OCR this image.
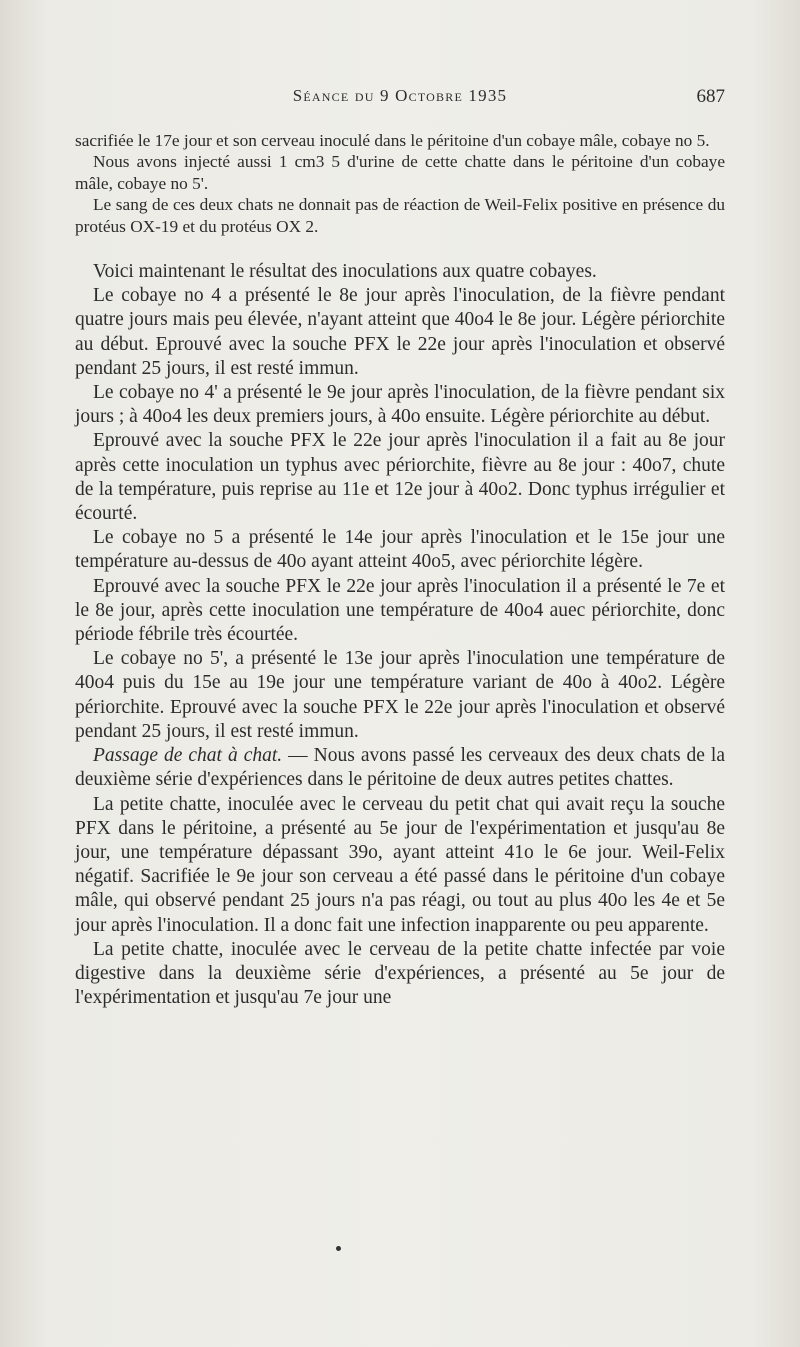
Séance du 9 Octobre 1935	687

sacrifiée le 17e jour et son cerveau inoculé dans le péritoine d'un cobaye mâle, cobaye no 5.

Nous avons injecté aussi 1 cm3 5 d'urine de cette chatte dans le péritoine d'un cobaye mâle, cobaye no 5'.

Le sang de ces deux chats ne donnait pas de réaction de Weil-Felix positive en présence du protéus OX-19 et du protéus OX 2.

Voici maintenant le résultat des inoculations aux quatre cobayes.

Le cobaye no 4 a présenté le 8e jour après l'inoculation, de la fièvre pendant quatre jours mais peu élevée, n'ayant atteint que 40o4 le 8e jour. Légère périorchite au début. Eprouvé avec la souche PFX le 22e jour après l'inoculation et observé pendant 25 jours, il est resté immun.

Le cobaye no 4' a présenté le 9e jour après l'inoculation, de la fièvre pendant six jours ; à 40o4 les deux premiers jours, à 40o ensuite. Légère périorchite au début.

Eprouvé avec la souche PFX le 22e jour après l'inoculation il a fait au 8e jour après cette inoculation un typhus avec périorchite, fièvre au 8e jour : 40o7, chute de la température, puis reprise au 11e et 12e jour à 40o2. Donc typhus irrégulier et écourté.

Le cobaye no 5 a présenté le 14e jour après l'inoculation et le 15e jour une température au-dessus de 40o ayant atteint 40o5, avec périorchite légère.

Eprouvé avec la souche PFX le 22e jour après l'inoculation il a présenté le 7e et le 8e jour, après cette inoculation une température de 40o4 auec périorchite, donc période fébrile très écourtée.

Le cobaye no 5', a présenté le 13e jour après l'inoculation une température de 40o4 puis du 15e au 19e jour une température variant de 40o à 40o2. Légère périorchite. Eprouvé avec la souche PFX le 22e jour après l'inoculation et observé pendant 25 jours, il est resté immun.

Passage de chat à chat. — Nous avons passé les cerveaux des deux chats de la deuxième série d'expériences dans le péritoine de deux autres petites chattes.

La petite chatte, inoculée avec le cerveau du petit chat qui avait reçu la souche PFX dans le péritoine, a présenté au 5e jour de l'expérimentation et jusqu'au 8e jour, une température dépassant 39o, ayant atteint 41o le 6e jour. Weil-Felix négatif. Sacrifiée le 9e jour son cerveau a été passé dans le péritoine d'un cobaye mâle, qui observé pendant 25 jours n'a pas réagi, ou tout au plus 40o les 4e et 5e jour après l'inoculation. Il a donc fait une infection inapparente ou peu apparente.

La petite chatte, inoculée avec le cerveau de la petite chatte infectée par voie digestive dans la deuxième série d'expériences, a présenté au 5e jour de l'expérimentation et jusqu'au 7e jour une
